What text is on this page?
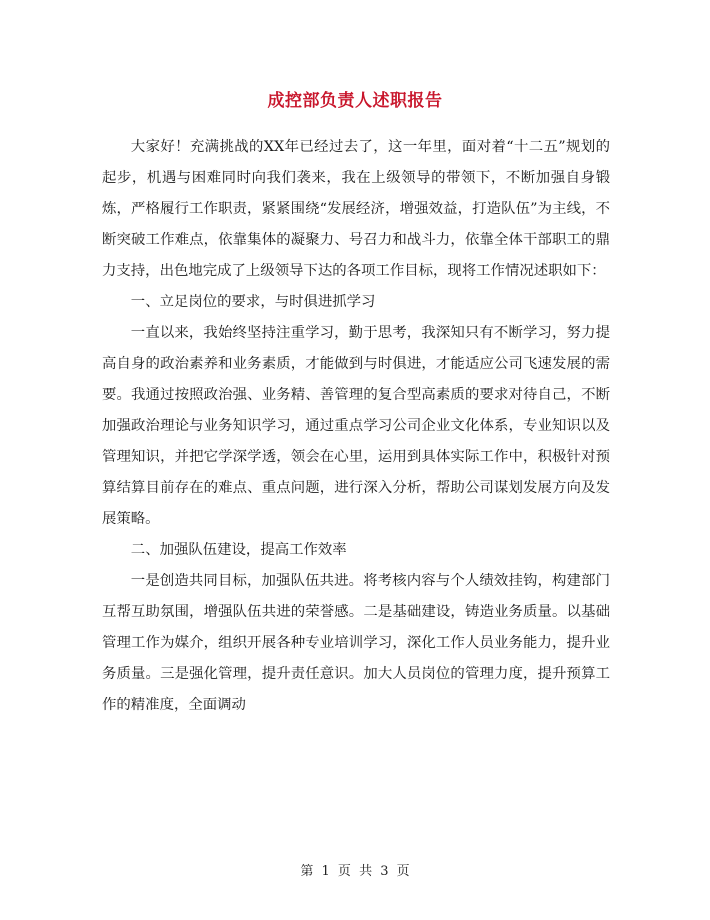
成控部负责人述职报告

大家好！充满挑战的XX年已经过去了，这一年里，面对着“十二五”规划的起步，机遇与困难同时向我们袭来，我在上级领导的带领下，不断加强自身锻炼，严格履行工作职责，紧紧围绕“发展经济，增强效益，打造队伍”为主线，不断突破工作难点，依靠集体的凝聚力、号召力和战斗力，依靠全体干部职工的鼎力支持，出色地完成了上级领导下达的各项工作目标，现将工作情况述职如下：

一、立足岗位的要求，与时俱进抓学习

一直以来，我始终坚持注重学习，勤于思考，我深知只有不断学习，努力提高自身的政治素养和业务素质，才能做到与时俱进，才能适应公司飞速发展的需要。我通过按照政治强、业务精、善管理的复合型高素质的要求对待自己，不断加强政治理论与业务知识学习，通过重点学习公司企业文化体系，专业知识以及管理知识，并把它学深学透，领会在心里，运用到具体实际工作中，积极针对预算结算目前存在的难点、重点问题，进行深入分析，帮助公司谋划发展方向及发展策略。

二、加强队伍建设，提高工作效率

一是创造共同目标，加强队伍共进。将考核内容与个人绩效挂钩，构建部门互帮互助氛围，增强队伍共进的荣誉感。二是基础建设，铸造业务质量。以基础管理工作为媒介，组织开展各种专业培训学习，深化工作人员业务能力，提升业务质量。三是强化管理，提升责任意识。加大人员岗位的管理力度，提升预算工作的精准度，全面调动

第 1 页 共 3 页
